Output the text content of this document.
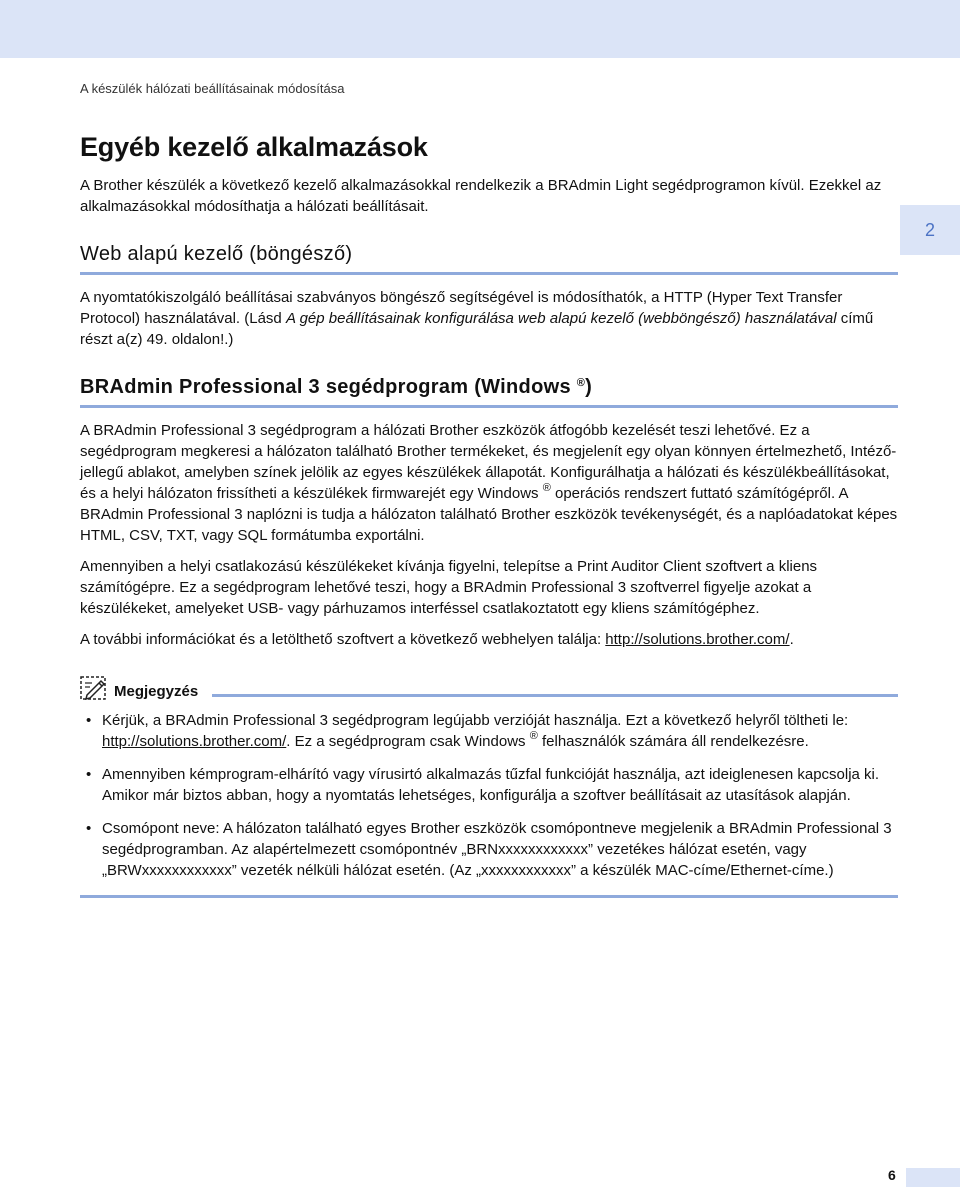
A készülék hálózati beállításainak módosítása
2
Egyéb kezelő alkalmazások

A Brother készülék a következő kezelő alkalmazásokkal rendelkezik a BRAdmin Light segédprogramon kívül. Ezekkel az alkalmazásokkal módosíthatja a hálózati beállításait.

Web alapú kezelő (böngésző)

A nyomtatókiszolgáló beállításai szabványos böngésző segítségével is módosíthatók, a HTTP (Hyper Text Transfer Protocol) használatával. (Lásd A gép beállításainak konfigurálása web alapú kezelő (webböngésző) használatával című részt a(z) 49. oldalon!.)

BRAdmin Professional 3 segédprogram (Windows ®)

A BRAdmin Professional 3 segédprogram a hálózati Brother eszközök átfogóbb kezelését teszi lehetővé. Ez a segédprogram megkeresi a hálózaton található Brother termékeket, és megjelenít egy olyan könnyen értelmezhető, Intéző-jellegű ablakot, amelyben színek jelölik az egyes készülékek állapotát. Konfigurálhatja a hálózati és készülékbeállításokat, és a helyi hálózaton frissítheti a készülékek firmwarejét egy Windows ® operációs rendszert futtató számítógépről. A BRAdmin Professional 3 naplózni is tudja a hálózaton található Brother eszközök tevékenységét, és a naplóadatokat képes HTML, CSV, TXT, vagy SQL formátumba exportálni.

Amennyiben a helyi csatlakozású készülékeket kívánja figyelni, telepítse a Print Auditor Client szoftvert a kliens számítógépre. Ez a segédprogram lehetővé teszi, hogy a BRAdmin Professional 3 szoftverrel figyelje azokat a készülékeket, amelyeket USB- vagy párhuzamos interféssel csatlakoztatott egy kliens számítógéphez.

A további információkat és a letölthető szoftvert a következő webhelyen találja: http://solutions.brother.com/.

Megjegyzés
• Kérjük, a BRAdmin Professional 3 segédprogram legújabb verzióját használja. Ezt a következő helyről töltheti le: http://solutions.brother.com/. Ez a segédprogram csak Windows ® felhasználók számára áll rendelkezésre.
• Amennyiben kémprogram-elhárító vagy vírusirtó alkalmazás tűzfal funkcióját használja, azt ideiglenesen kapcsolja ki. Amikor már biztos abban, hogy a nyomtatás lehetséges, konfigurálja a szoftver beállításait az utasítások alapján.
• Csomópont neve: A hálózaton található egyes Brother eszközök csomópontneve megjelenik a BRAdmin Professional 3 segédprogramban. Az alapértelmezett csomópontnév „BRNxxxxxxxxxxxx” vezetékes hálózat esetén, vagy „BRWxxxxxxxxxxxx” vezeték nélküli hálózat esetén. (Az „xxxxxxxxxxxx” a készülék MAC-címe/Ethernet-címe.)
6
